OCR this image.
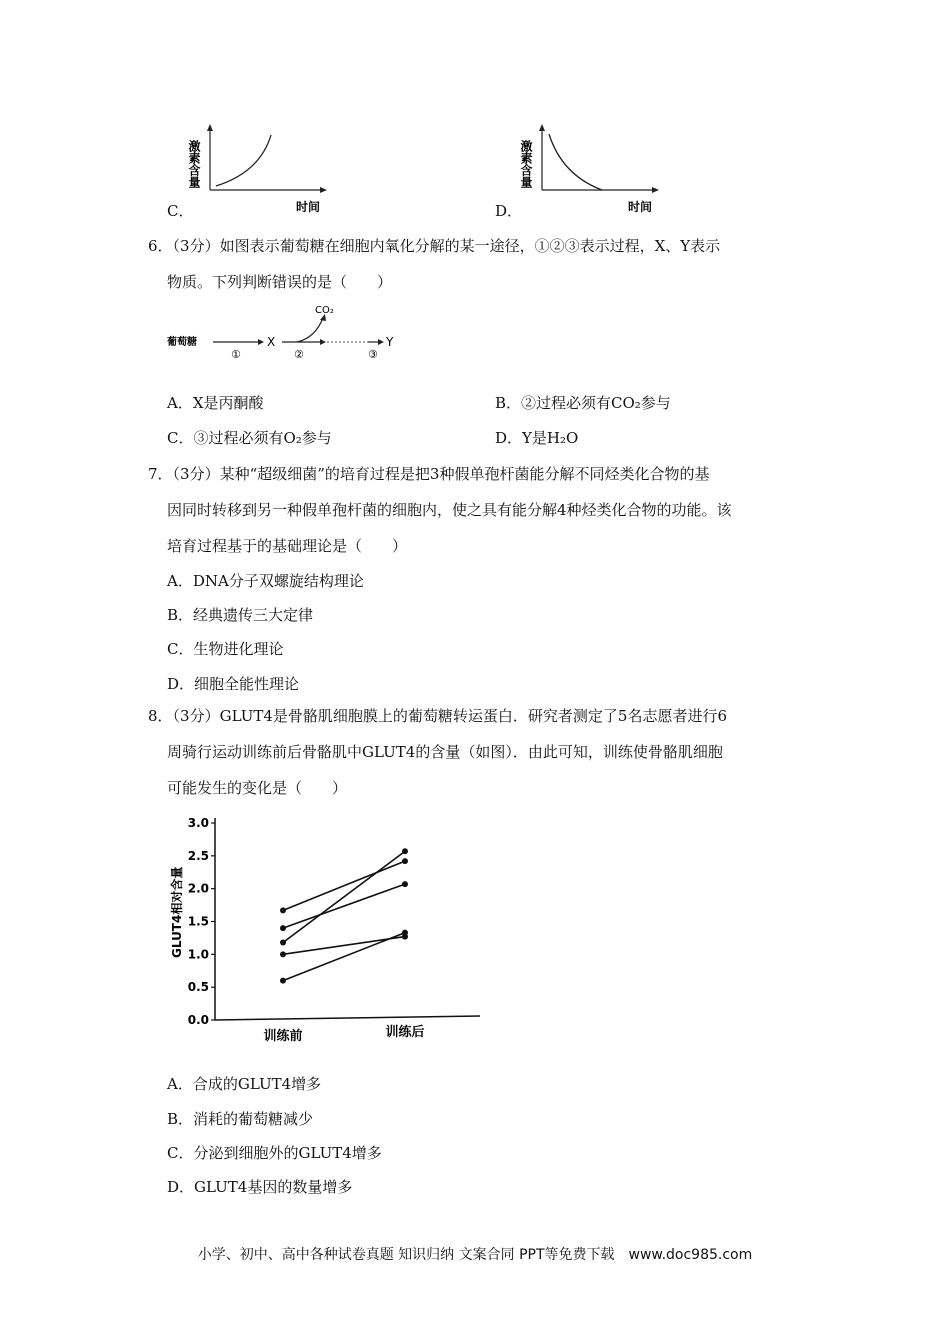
激素含量
时间
C．
激素含量
时间
D．
6．（3分）如图表示葡萄糖在细胞内氧化分解的某一途径，①②③表示过程，X、Y表示
物质。下列判断错误的是（　　）
葡萄糖
①
X
CO₂
②	③
Y
A．X是丙酮酸	B．②过程必须有CO₂参与
C．③过程必须有O₂参与	D．Y是H₂O
7．（3分）某种“超级细菌”的培育过程是把3种假单孢杆菌能分解不同烃类化合物的基
因同时转移到另一种假单孢杆菌的细胞内，使之具有能分解4种烃类化合物的功能。该
培育过程基于的基础理论是（　　）
A．DNA分子双螺旋结构理论
B．经典遗传三大定律
C．生物进化理论
D．细胞全能性理论
8．（3分）GLUT4是骨骼肌细胞膜上的葡萄糖转运蛋白．研究者测定了5名志愿者进行6
周骑行运动训练前后骨骼肌中GLUT4的含量（如图）．由此可知，训练使骨骼肌细胞
可能发生的变化是（　　）
0.0
0.5
1.0
1.5
2.0
2.5
3.0
GLUT4相对含量
训练前	训练后
A．合成的GLUT4增多
B．消耗的葡萄糖减少
C．分泌到细胞外的GLUT4增多
D．GLUT4基因的数量增多
小学、初中、高中各种试卷真题 知识归纳 文案合同 PPT等免费下载　www.doc985.com
